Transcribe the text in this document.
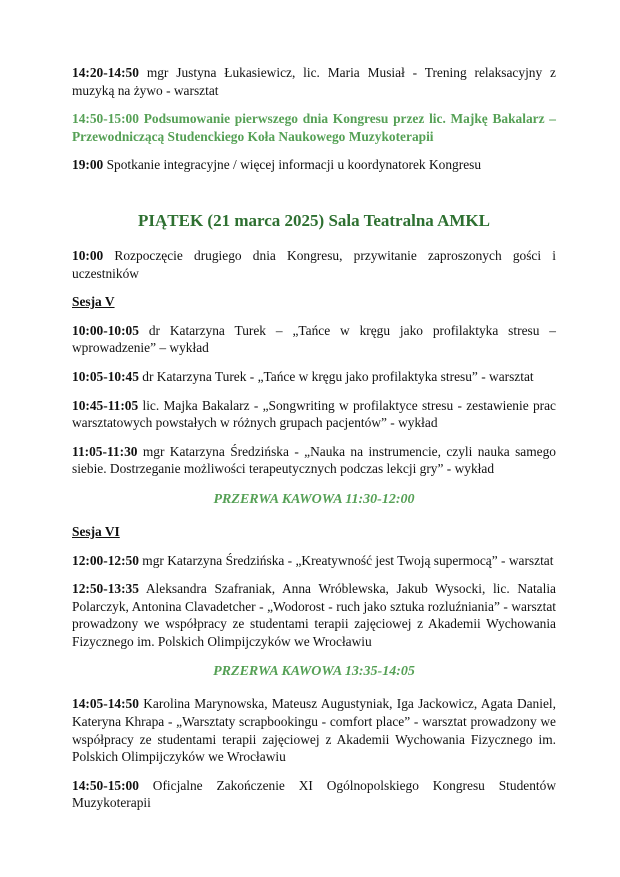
14:20-14:50 mgr Justyna Łukasiewicz, lic. Maria Musiał - Trening relaksacyjny z muzyką na żywo - warsztat

14:50-15:00 Podsumowanie pierwszego dnia Kongresu przez lic. Majkę Bakalarz – Przewodniczącą Studenckiego Koła Naukowego Muzykoterapii

19:00 Spotkanie integracyjne / więcej informacji u koordynatorek Kongresu

PIĄTEK (21 marca 2025) Sala Teatralna AMKL

10:00 Rozpoczęcie drugiego dnia Kongresu, przywitanie zaproszonych gości i uczestników

Sesja V

10:00-10:05 dr Katarzyna Turek – „Tańce w kręgu jako profilaktyka stresu – wprowadzenie” – wykład

10:05-10:45 dr Katarzyna Turek - „Tańce w kręgu jako profilaktyka stresu” - warsztat

10:45-11:05 lic. Majka Bakalarz - „Songwriting w profilaktyce stresu - zestawienie prac warsztatowych powstałych w różnych grupach pacjentów” - wykład

11:05-11:30 mgr Katarzyna Średzińska - „Nauka na instrumencie, czyli nauka samego siebie. Dostrzeganie możliwości terapeutycznych podczas lekcji gry” - wykład

PRZERWA KAWOWA 11:30-12:00

Sesja VI

12:00-12:50 mgr Katarzyna Średzińska - „Kreatywność jest Twoją supermocą” - warsztat

12:50-13:35 Aleksandra Szafraniak, Anna Wróblewska, Jakub Wysocki, lic. Natalia Polarczyk, Antonina Clavadetcher - „Wodorost - ruch jako sztuka rozluźniania” - warsztat prowadzony we współpracy ze studentami terapii zajęciowej z Akademii Wychowania Fizycznego im. Polskich Olimpijczyków we Wrocławiu

PRZERWA KAWOWA 13:35-14:05

14:05-14:50 Karolina Marynowska, Mateusz Augustyniak, Iga Jackowicz, Agata Daniel, Kateryna Khrapa - „Warsztaty scrapbookingu - comfort place” - warsztat prowadzony we współpracy ze studentami terapii zajęciowej z Akademii Wychowania Fizycznego im. Polskich Olimpijczyków we Wrocławiu

14:50-15:00 Oficjalne Zakończenie XI Ogólnopolskiego Kongresu Studentów Muzykoterapii
